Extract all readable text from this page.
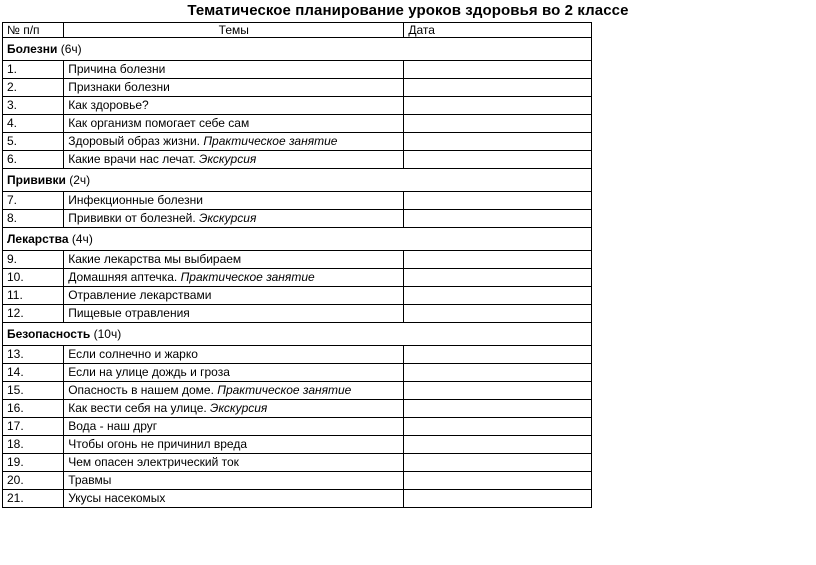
Тематическое планирование уроков здоровья во 2 классе
№ п/п	Темы	Дата
Болезни (6ч)		
1.	Причина болезни	
2.	Признаки болезни	
3.	Как здоровье?	
4.	Как организм помогает себе сам	
5.	Здоровый образ жизни. Практическое занятие	
6.	Какие врачи нас лечат. Экскурсия	
Прививки (2ч)		
7.	Инфекционные болезни	
8.	Прививки от болезней. Экскурсия	
Лекарства (4ч)		
9.	Какие лекарства мы выбираем	
10.	Домашняя аптечка. Практическое занятие	
11.	Отравление лекарствами	
12.	Пищевые отравления	
Безопасность (10ч)		
13.	Если солнечно и жарко	
14.	Если на улице дождь и гроза	
15.	Опасность в нашем доме. Практическое занятие	
16.	Как вести себя на улице. Экскурсия	
17.	Вода - наш друг	
18.	Чтобы огонь не причинил вреда	
19.	Чем опасен электрический ток	
20.	Травмы	
21.	Укусы насекомых	
